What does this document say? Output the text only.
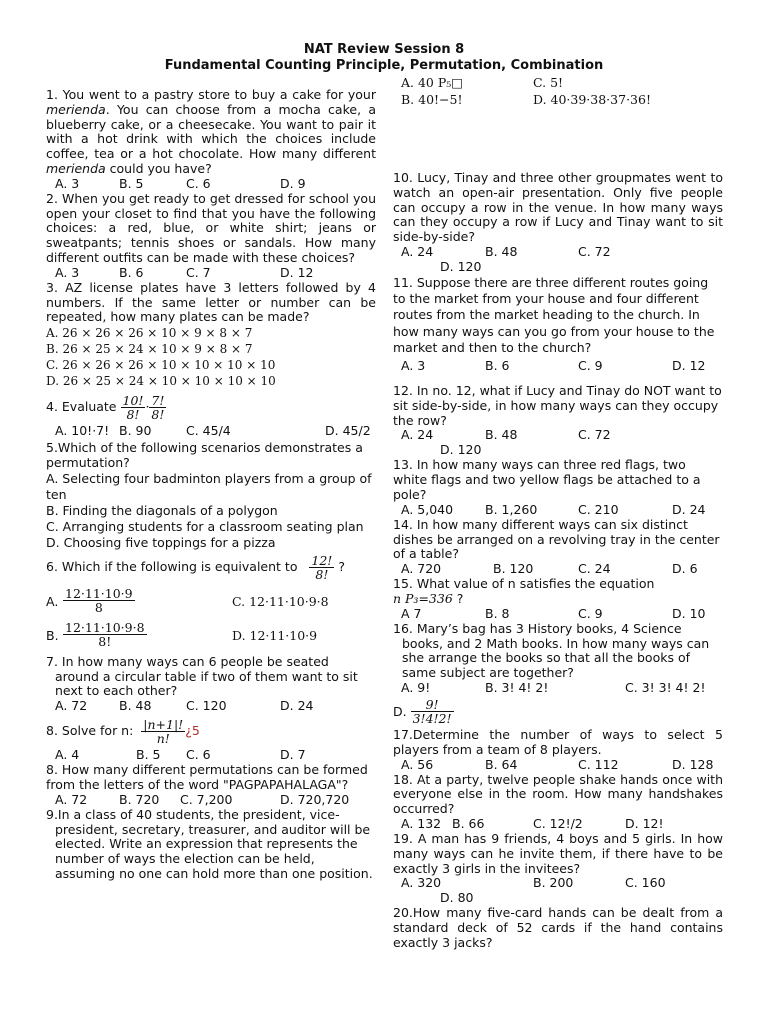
NAT Review Session 8
Fundamental Counting Principle, Permutation, Combination

1. You went to a pastry store to buy a cake for your merienda. You can choose from a mocha cake, a blueberry cake, or a cheesecake. You want to pair it with a hot drink with which the choices include coffee, tea or a hot chocolate. How many different merienda could you have?

A. 3	B. 5	C. 6	D. 9

2. When you get ready to get dressed for school you open your closet to find that you have the following choices: a red, blue, or white shirt; jeans or sweatpants; tennis shoes or sandals. How many different outfits can be made with these choices?

A. 3	B. 6	C. 7	D. 12

3. AZ license plates have 3 letters followed by 4 numbers. If the same letter or number can be repeated, how many plates can be made?

A. 26 × 26 × 26 × 10 × 9 × 8 × 7

B. 26 × 25 × 24 × 10 × 9 × 8 × 7

C. 26 × 26 × 26 × 10 × 10 × 10 × 10

D. 26 × 25 × 24 × 10 × 10 × 10 × 10

4. Evaluate
$\frac{10!}{8!} \cdot \frac{7!}{8!}$
A. 10!·7! B. 90	C. 45/4	D. 45/2

5.Which of the following scenarios demonstrates a permutation?

A. Selecting four badminton players from a group of ten

B. Finding the diagonals of a polygon

C. Arranging students for a classroom seating plan

D. Choosing five toppings for a pizza

6. Which if the following is equivalent to
$\frac{12!}{8!}$
?
A. $\frac{12\cdot 11\cdot 10\cdot 9}{8}$	C. 12·11·10·9·8
B. $\frac{12\cdot 11\cdot 10\cdot 9\cdot 8}{8!}$	D. 12·11·10·9

7. In how many ways can 6 people be seated around a circular table if two of them want to sit next to each other?

A. 72	B. 48	C. 120	D. 24
8. Solve for n:
$\frac{|n+1|!}{n!}$ ¿5
A. 4	B. 5 C. 6	D. 7

8. How many different permutations can be formed from the letters of the word "PAGPAPAHALAGA"?

A. 72	B. 720 C. 7,200	D. 720,720

9.In a class of 40 students, the president, vice-president, secretary, treasurer, and auditor will be elected. Write an expression that represents the number of ways the election can be held, assuming no one can hold more than one position.

A. 40 P₅□	C. 5!
B. 40!−5!	D. 40·39·38·37·36!

10. Lucy, Tinay and three other groupmates went to watch an open-air presentation. Only five people can occupy a row in the venue. In how many ways can they occupy a row if Lucy and Tinay want to sit side-by-side?

A. 24	B. 48	C. 72
D. 120

11. Suppose there are three different routes going to the market from your house and four different routes from the market heading to the church. In how many ways can you go from your house to the market and then to the church?

A. 3	B. 6	C. 9	D. 12

12. In no. 12, what if Lucy and Tinay do NOT want to sit side-by-side, in how many ways can they occupy the row?

A. 24	B. 48	C. 72
D. 120

13. In how many ways can three red flags, two white flags and two yellow flags be attached to a pole?

A. 5,040	B. 1,260	C. 210	D. 24

14. In how many different ways can six distinct dishes be arranged on a revolving tray in the center of a table?

A. 720	B. 120	C. 24	D. 6

15. What value of n satisfies the equation

n P₃=336 ?

A 7	B. 8	C. 9	D. 10

16. Mary’s bag has 3 History books, 4 Science books, and 2 Math books. In how many ways can she arrange the books so that all the books of same subject are together?

A. 9!	B. 3! 4! 2!	C. 3! 3! 4! 2!
D.
$\frac{9!}{3!4!2!}$

17.Determine the number of ways to select 5 players from a team of 8 players.

A. 56	B. 64	C. 112	D. 128

18. At a party, twelve people shake hands once with everyone else in the room. How many handshakes occurred?

A. 132 B. 66	C. 12!/2	D. 12!

19. A man has 9 friends, 4 boys and 5 girls. In how many ways can he invite them, if there have to be exactly 3 girls in the invitees?

A. 320	B. 200	C. 160
D. 80

20.How many five-card hands can be dealt from a standard deck of 52 cards if the hand contains exactly 3 jacks?
